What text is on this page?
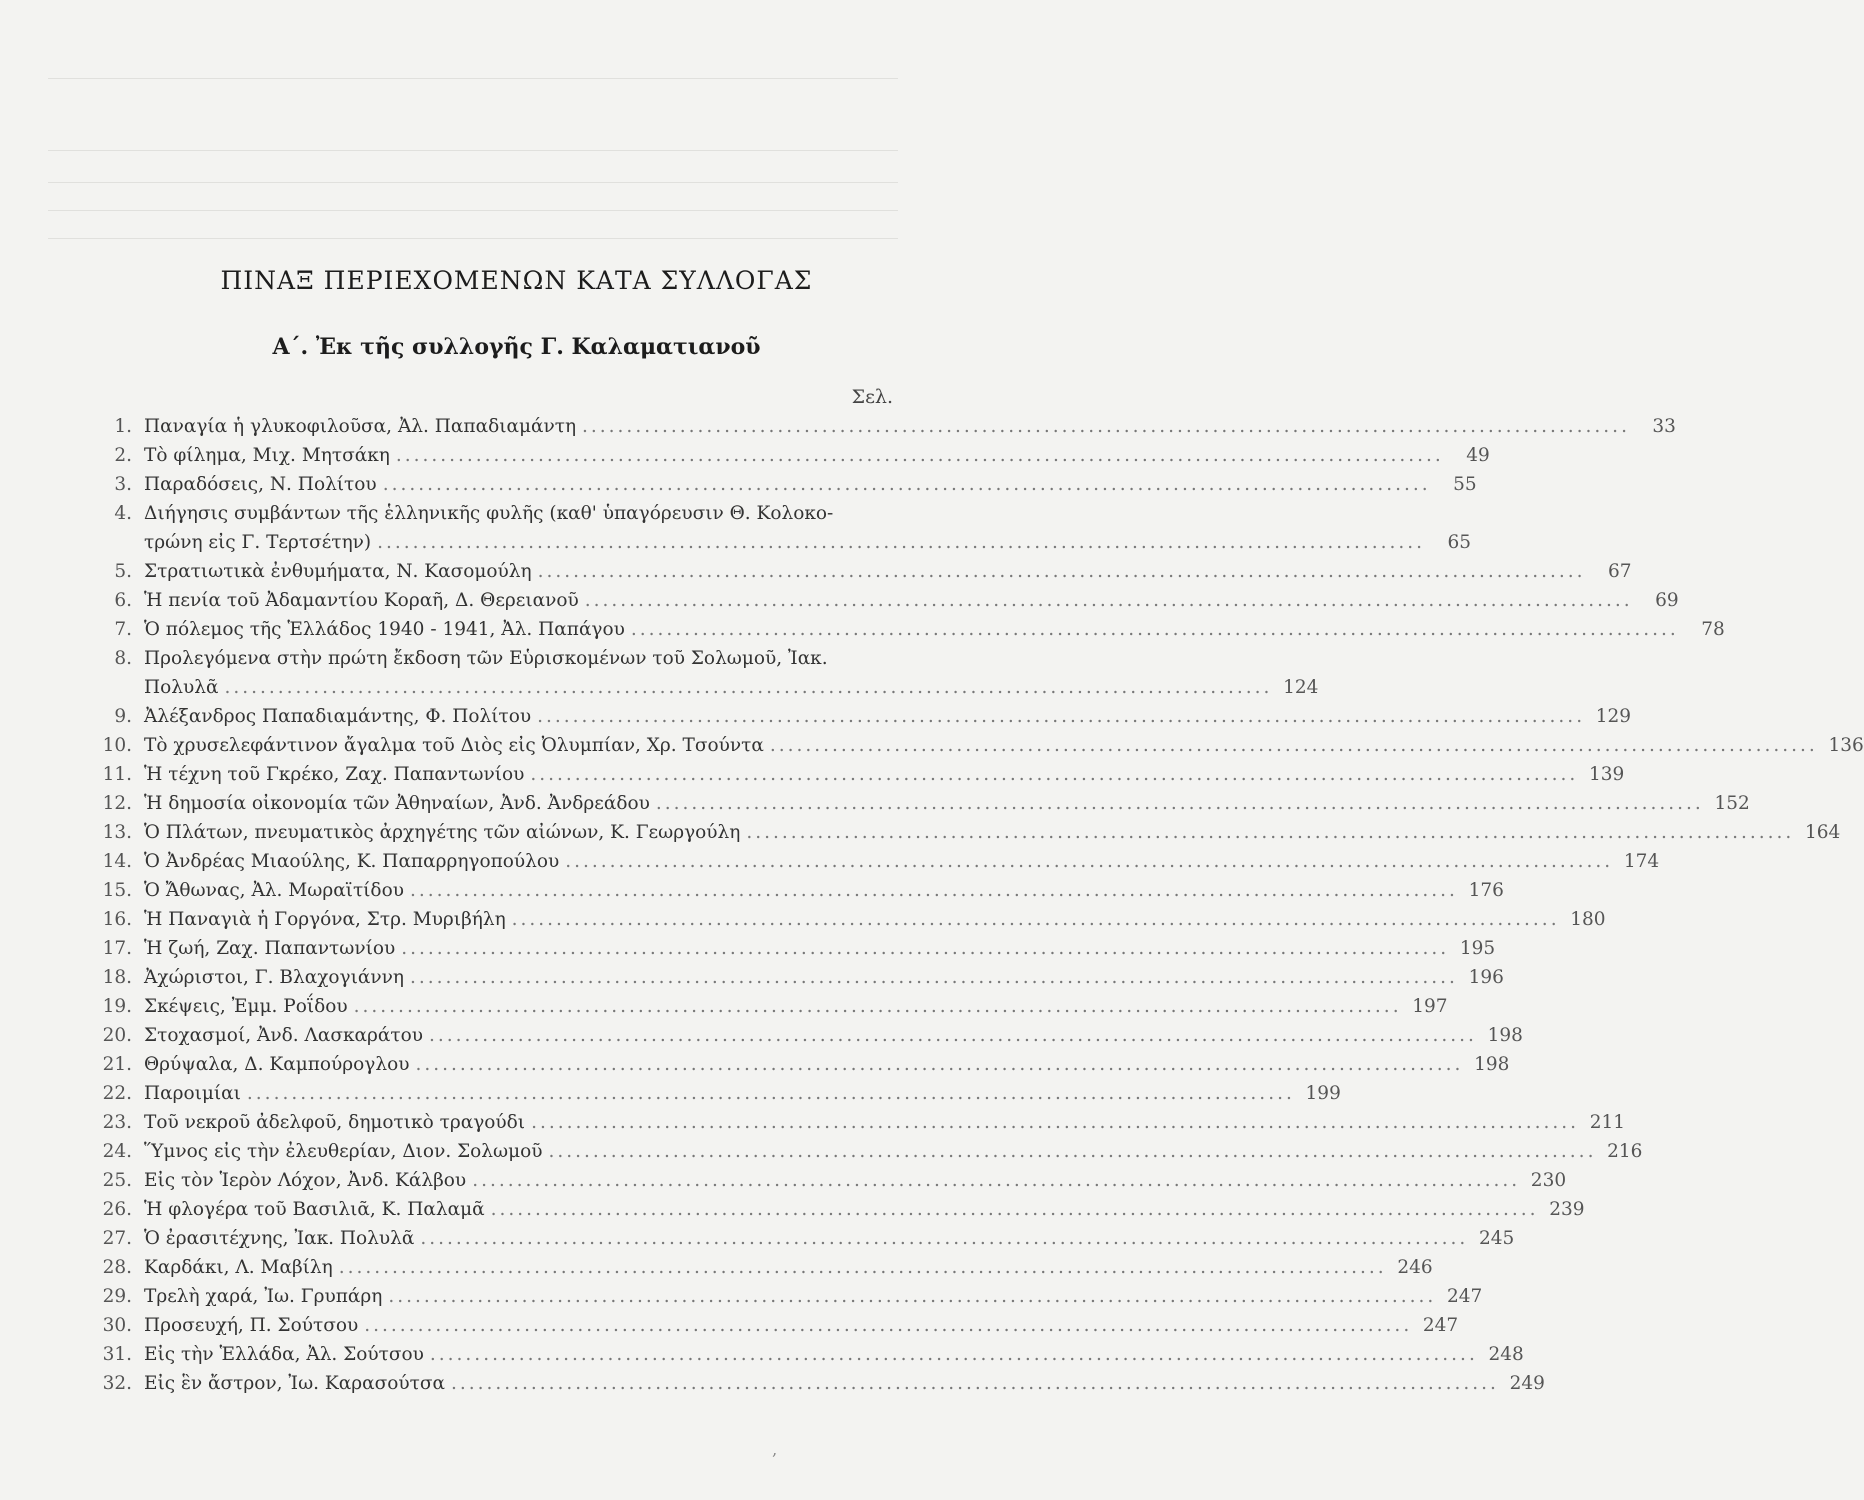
ΠΙΝΑΞ ΠΕΡΙΕΧΟΜΕΝΩΝ ΚΑΤΑ ΣΥΛΛΟΓΑΣ
Α΄. Ἐκ τῆς συλλογῆς Γ. Καλαματιανοῦ
Σελ.
1. Παναγία ἡ γλυκοφιλοῦσα, Ἀλ. Παπαδιαμάντη .....	33
2. Τὸ φίλημα, Μιχ. Μητσάκη .....	49
3. Παραδόσεις, Ν. Πολίτου .....	55
4. Διήγησις συμβάντων τῆς ἑλληνικῆς φυλῆς (καθ' ὑπαγόρευσιν Θ. Κολοκο-
τρώνη εἰς Γ. Τερτσέτην) .....	65
5. Στρατιωτικὰ ἐνθυμήματα, Ν. Κασομούλη .....	67
6. Ἡ πενία τοῦ Ἀδαμαντίου Κοραῆ, Δ. Θερειανοῦ .....	69
7. Ὁ πόλεμος τῆς Ἑλλάδος 1940 - 1941, Ἀλ. Παπάγου .....	78
8. Προλεγόμενα στὴν πρώτη ἔκδοση τῶν Εὑρισκομένων τοῦ Σολωμοῦ, Ἰακ.
Πολυλᾶ .....	124
9. Ἀλέξανδρος Παπαδιαμάντης, Φ. Πολίτου .....	129
10. Τὸ χρυσελεφάντινον ἄγαλμα τοῦ Διὸς εἰς Ὀλυμπίαν, Χρ. Τσούντα .....	136
11. Ἡ τέχνη τοῦ Γκρέκο, Ζαχ. Παπαντωνίου .....	139
12. Ἡ δημοσία οἰκονομία τῶν Ἀθηναίων, Ἀνδ. Ἀνδρεάδου .....	152
13. Ὁ Πλάτων, πνευματικὸς ἀρχηγέτης τῶν αἰώνων, Κ. Γεωργούλη .....	164
14. Ὁ Ἀνδρέας Μιαούλης, Κ. Παπαρρηγοπούλου .....	174
15. Ὁ Ἄθωνας, Ἀλ. Μωραϊτίδου .....	176
16. Ἡ Παναγιὰ ἡ Γοργόνα, Στρ. Μυριβήλη .....	180
17. Ἡ ζωή, Ζαχ. Παπαντωνίου .....	195
18. Ἀχώριστοι, Γ. Βλαχογιάννη .....	196
19. Σκέψεις, Ἐμμ. Ροΐδου .....	197
20. Στοχασμοί, Ἀνδ. Λασκαράτου .....	198
21. Θρύψαλα, Δ. Καμπούρογλου .....	198
22. Παροιμίαι .....	199
23. Τοῦ νεκροῦ ἀδελφοῦ, δημοτικὸ τραγούδι .....	211
24. Ὕμνος εἰς τὴν ἐλευθερίαν, Διον. Σολωμοῦ .....	216
25. Εἰς τὸν Ἱερὸν Λόχον, Ἀνδ. Κάλβου .....	230
26. Ἡ φλογέρα τοῦ Βασιλιᾶ, Κ. Παλαμᾶ .....	239
27. Ὁ ἐρασιτέχνης, Ἰακ. Πολυλᾶ .....	245
28. Καρδάκι, Λ. Μαβίλη .....	246
29. Τρελὴ χαρά, Ἰω. Γρυπάρη .....	247
30. Προσευχή, Π. Σούτσου .....	247
31. Εἰς τὴν Ἑλλάδα, Ἀλ. Σούτσου .....	248
32. Εἰς ἓν ἄστρον, Ἰω. Καρασούτσα .....	249
‚
